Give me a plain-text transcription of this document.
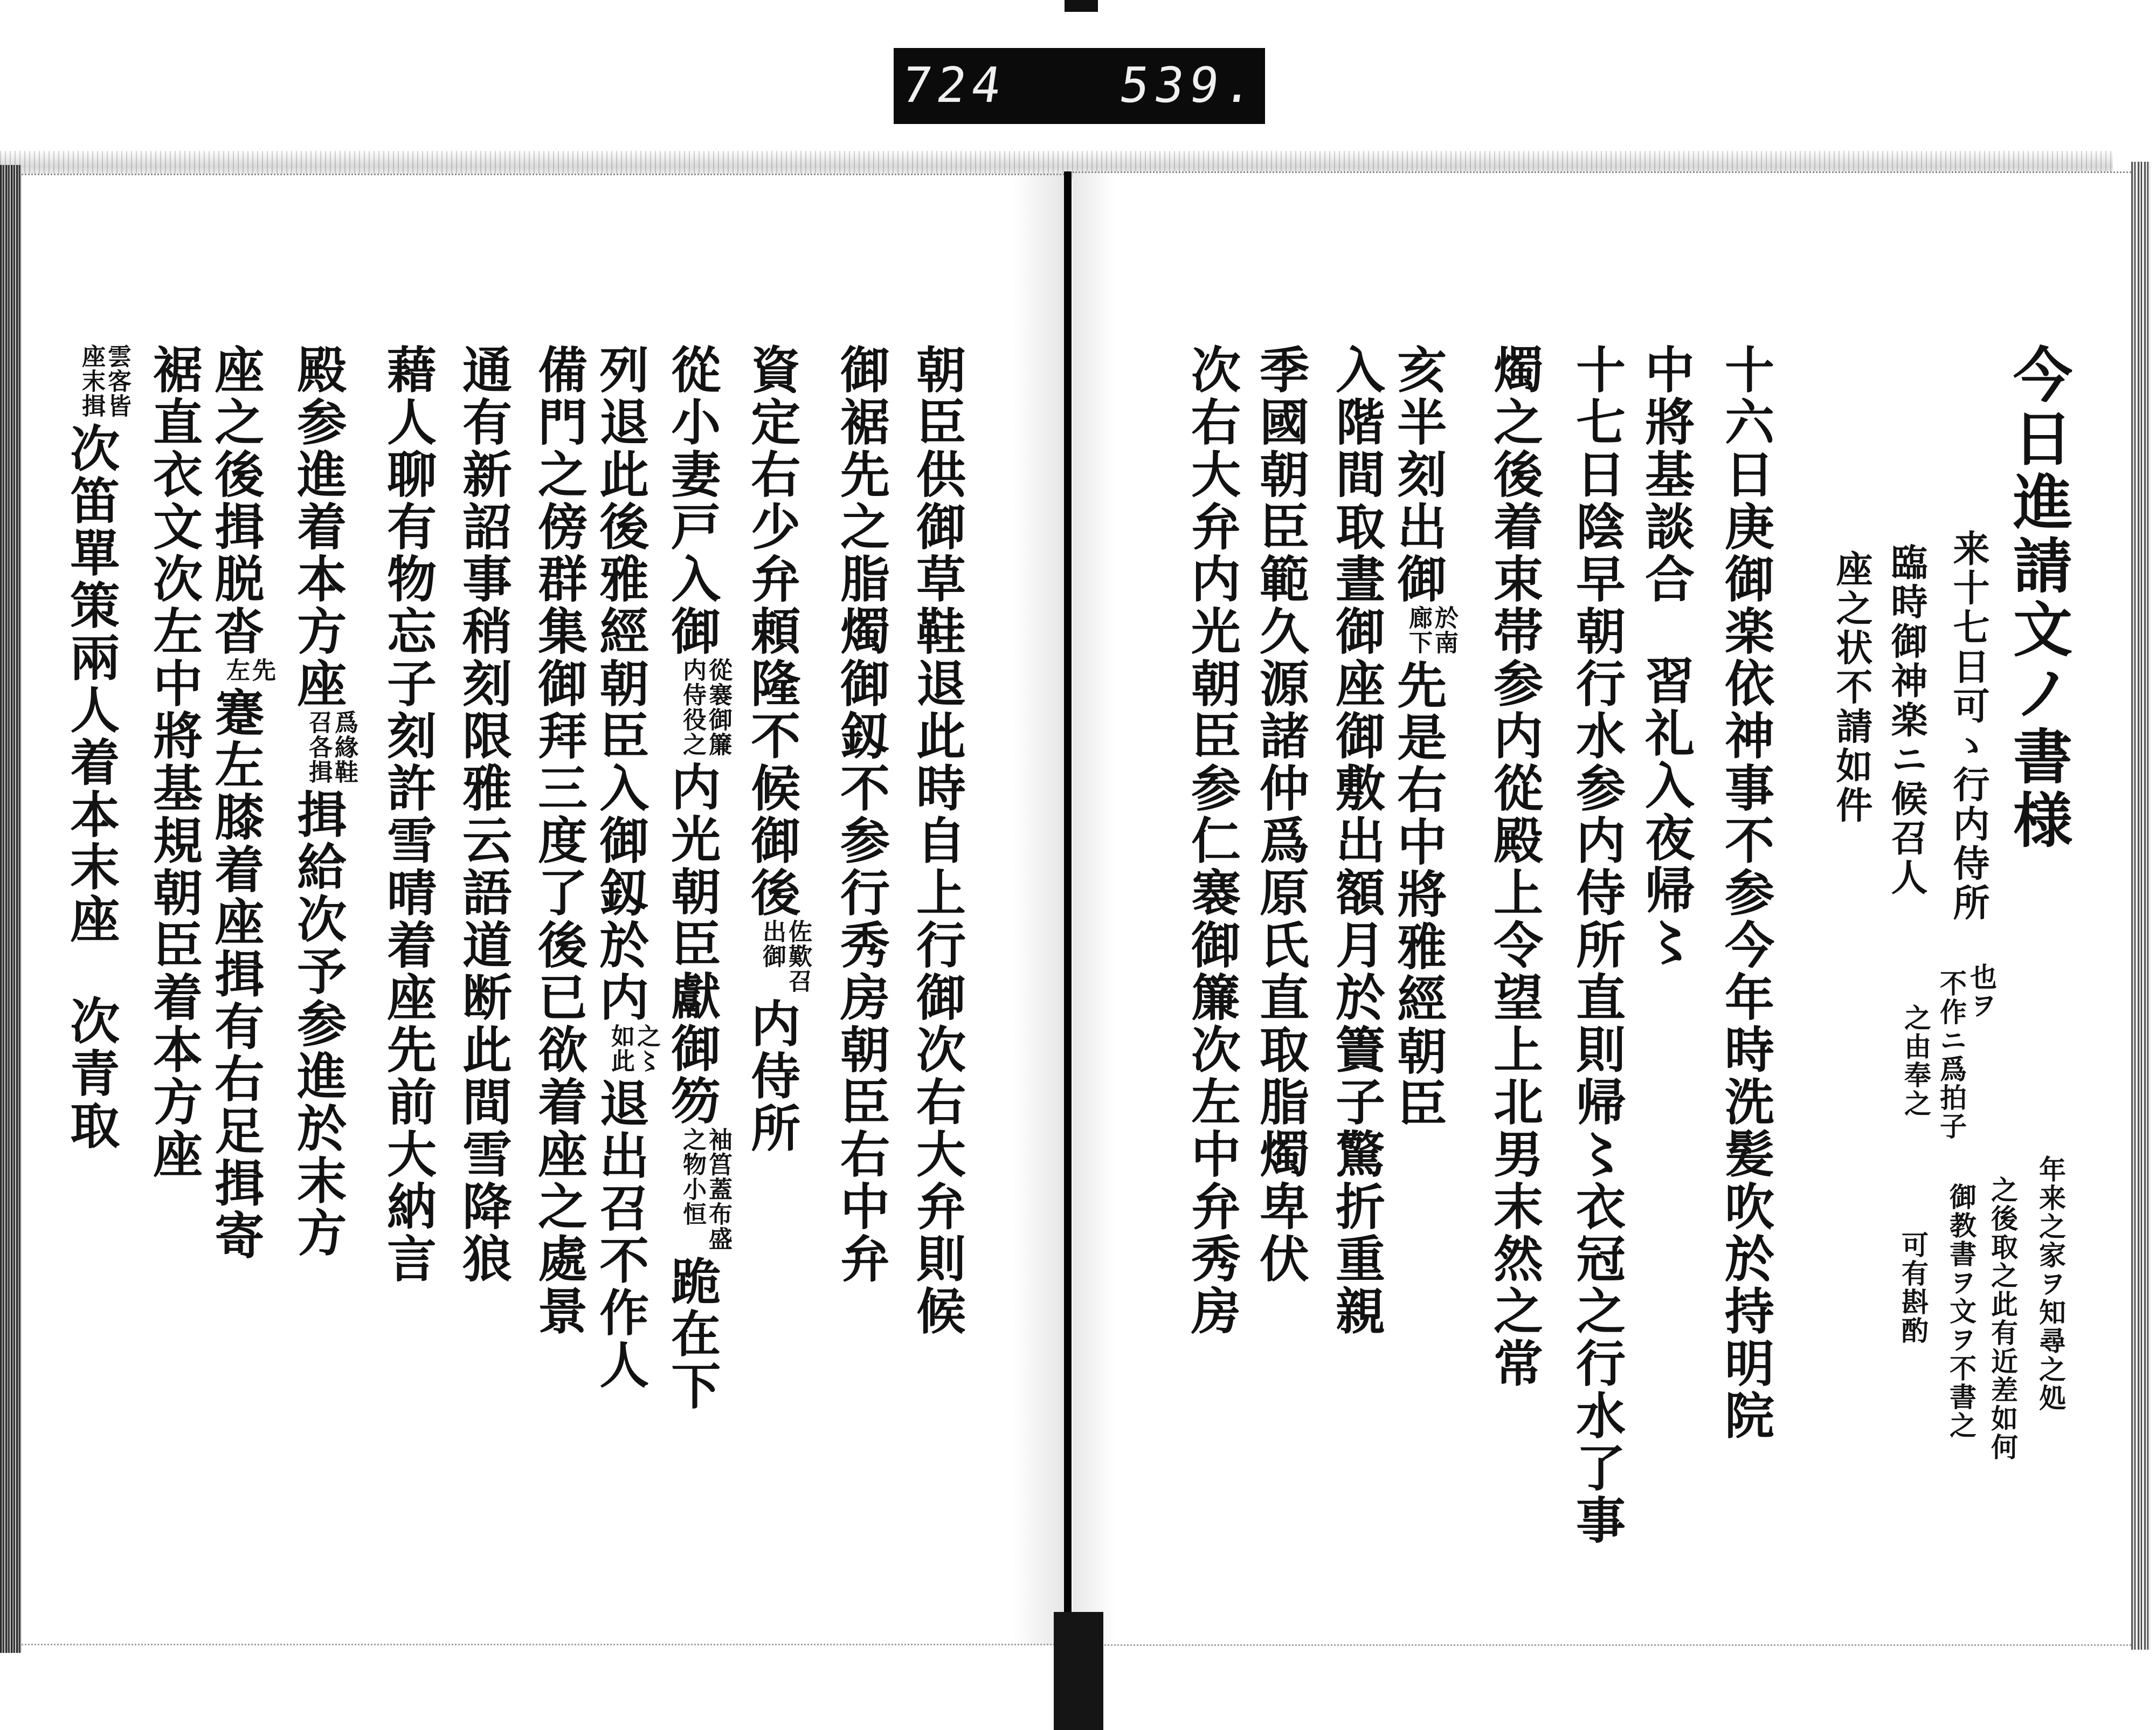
724 539.
今日進請文ノ書様
来十七日可ゝ行内侍所
臨時御神楽ニ候召人
座之状不請如件
也ヲ
不作ニ爲拍子
之由奉之
年来之家ヲ知尋之処
之後取之此有近差如何
御教書ヲ文ヲ不書之
可有斟酌
十六日庚御楽依神事不参今年時洗髪吹於持明院
中將基談合習礼入夜帰〻
十七日陰早朝行水参内侍所直則帰〻衣冠之行水了事
燭之後着束帯参内從殿上令望上北男末然之常
亥半刻出御於南廊下先是右中將雅經朝臣
入階間取晝御座御敷出額月於簀子驚折重親
季國朝臣範久源諸仲爲原氏直取脂燭卑伏
次右大弁内光朝臣参仁褰御簾次左中弁秀房
朝臣供御草鞋退此時自上行御次右大弁則候
御裾先之脂燭御釼不参行秀房朝臣右中弁
資定右少弁頼隆不候御後佐歎召出御内侍所
從小妻戸入御從褰御簾内侍役之内光朝臣獻御笏袖筥蓋布盛之物小恒跪在下
列退此後雅經朝臣入御釼於内之〻如此退出召不作人
備門之傍群集御拜三度了後已欲着座之處景
通有新詔事稍刻限雅云語道断此間雪降狼
藉人聊有物忘子刻許雪晴着座先前大納言
殿参進着本方座爲緣鞋召各揖揖給次予参進於末方
座之後揖脱沓先左蹇左膝着座揖有右足揖寄
裾直衣文次左中將基規朝臣着本方座
雲客皆座末揖次笛單策兩人着本末座次青取
